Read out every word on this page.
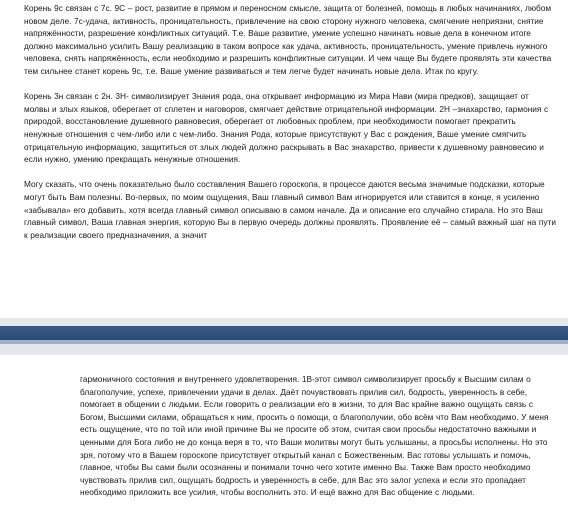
Корень 9с связан с 7с. 9С – рост, развитие в прямом и переносном смысле, защита от болезней, помощь в любых начинаниях, любом новом деле. 7с-удача, активность, проницательность, привлечение на свою сторону нужного человека, смягчение неприязни, снятие напряжённости, разрешение конфликтных ситуаций. Т.е. Ваше развитие, умение успешно начинать новые дела в конечном итоге должно максимально усилить Вашу реализацию в таком вопросе как удача, активность, проницательность, умение привлечь нужного человека, снять напряжённость, если необходимо и разрешить конфликтные ситуации. И чем чаще Вы будете проявлять эти качества тем сильнее станет корень 9с, т.е. Ваше умение развиваться и тем легче будет начинать новые дела. Итак по кругу.

Корень 3н связан с 2н. 3Н- символизирует Знания рода, она открывает информацию из Мира Нави (мира предков), защищает от молвы и злых языков, оберегает от сплетен и наговоров, смягчает действие отрицательной информации. 2Н –знахарство, гармония с природой, восстановление душевного равновесия, оберегает от любовных проблем, при необходимости помогает прекратить ненужные отношения с чем-либо или с чем-либо. Знания Рода, которые присутствуют у Вас с рождения, Ваше умение смягчить отрицательную информацию, защититься от злых людей должно раскрывать в Вас знахарство, привести к душевному равновесию и если нужно, умению прекращать ненужные отношения.

Могу сказать, что очень показательно было составления Вашего гороскопа, в процессе даются весьма значимые подсказки, которые могут быть Вам полезны. Во-первых, по моим ощущения, Ваш главный символ Вам игнорируется или ставится в конце, я усиленно «забывала» его добавить, хотя всегда главный символ описываю в самом начале. Да и описание его случайно стирала. Но это Ваш главный символ, Ваша главная энергия, которую Вы в первую очередь должны проявлять. Проявление её – самый важный шаг на пути к реализации своего предназначения, а значит

гармоничного состояния и внутреннего удовлетворения. 1В-этот символ символизирует просьбу к Высшим силам о благополучие, успехе, привлечении удачи в делах. Даёт почувствовать прилив сил, бодрость, уверенность в себе, помогает в общении с людьми. Если говорить о реализации его в жизни, то для Вас крайне важно ощущать связь с Богом, Высшими силами, обращаться к ним, просить о помощи, о благополучии, обо всём что Вам необходимо. У меня есть ощущение, что по той или иной причине Вы не просите об этом, считая свои просьбы недостаточно важными и ценными для Бога либо не до конца веря в то, что Ваши молитвы могут быть услышаны, а просьбы исполнены. Но это зря, потому что в Вашем гороскопе присутствует открытый канал с Божественным. Вас готовы услышать и помочь, главное, чтобы Вы сами были осознанны и понимали точно чего хотите именно Вы. Также Вам просто необходимо чувствовать прилив сил, ощущать бодрость и уверенность в себе, для Вас это залог успеха и если это пропадает необходимо приложить все усилия, чтобы восполнить это. И ещё важно для Вас общение с людьми.
